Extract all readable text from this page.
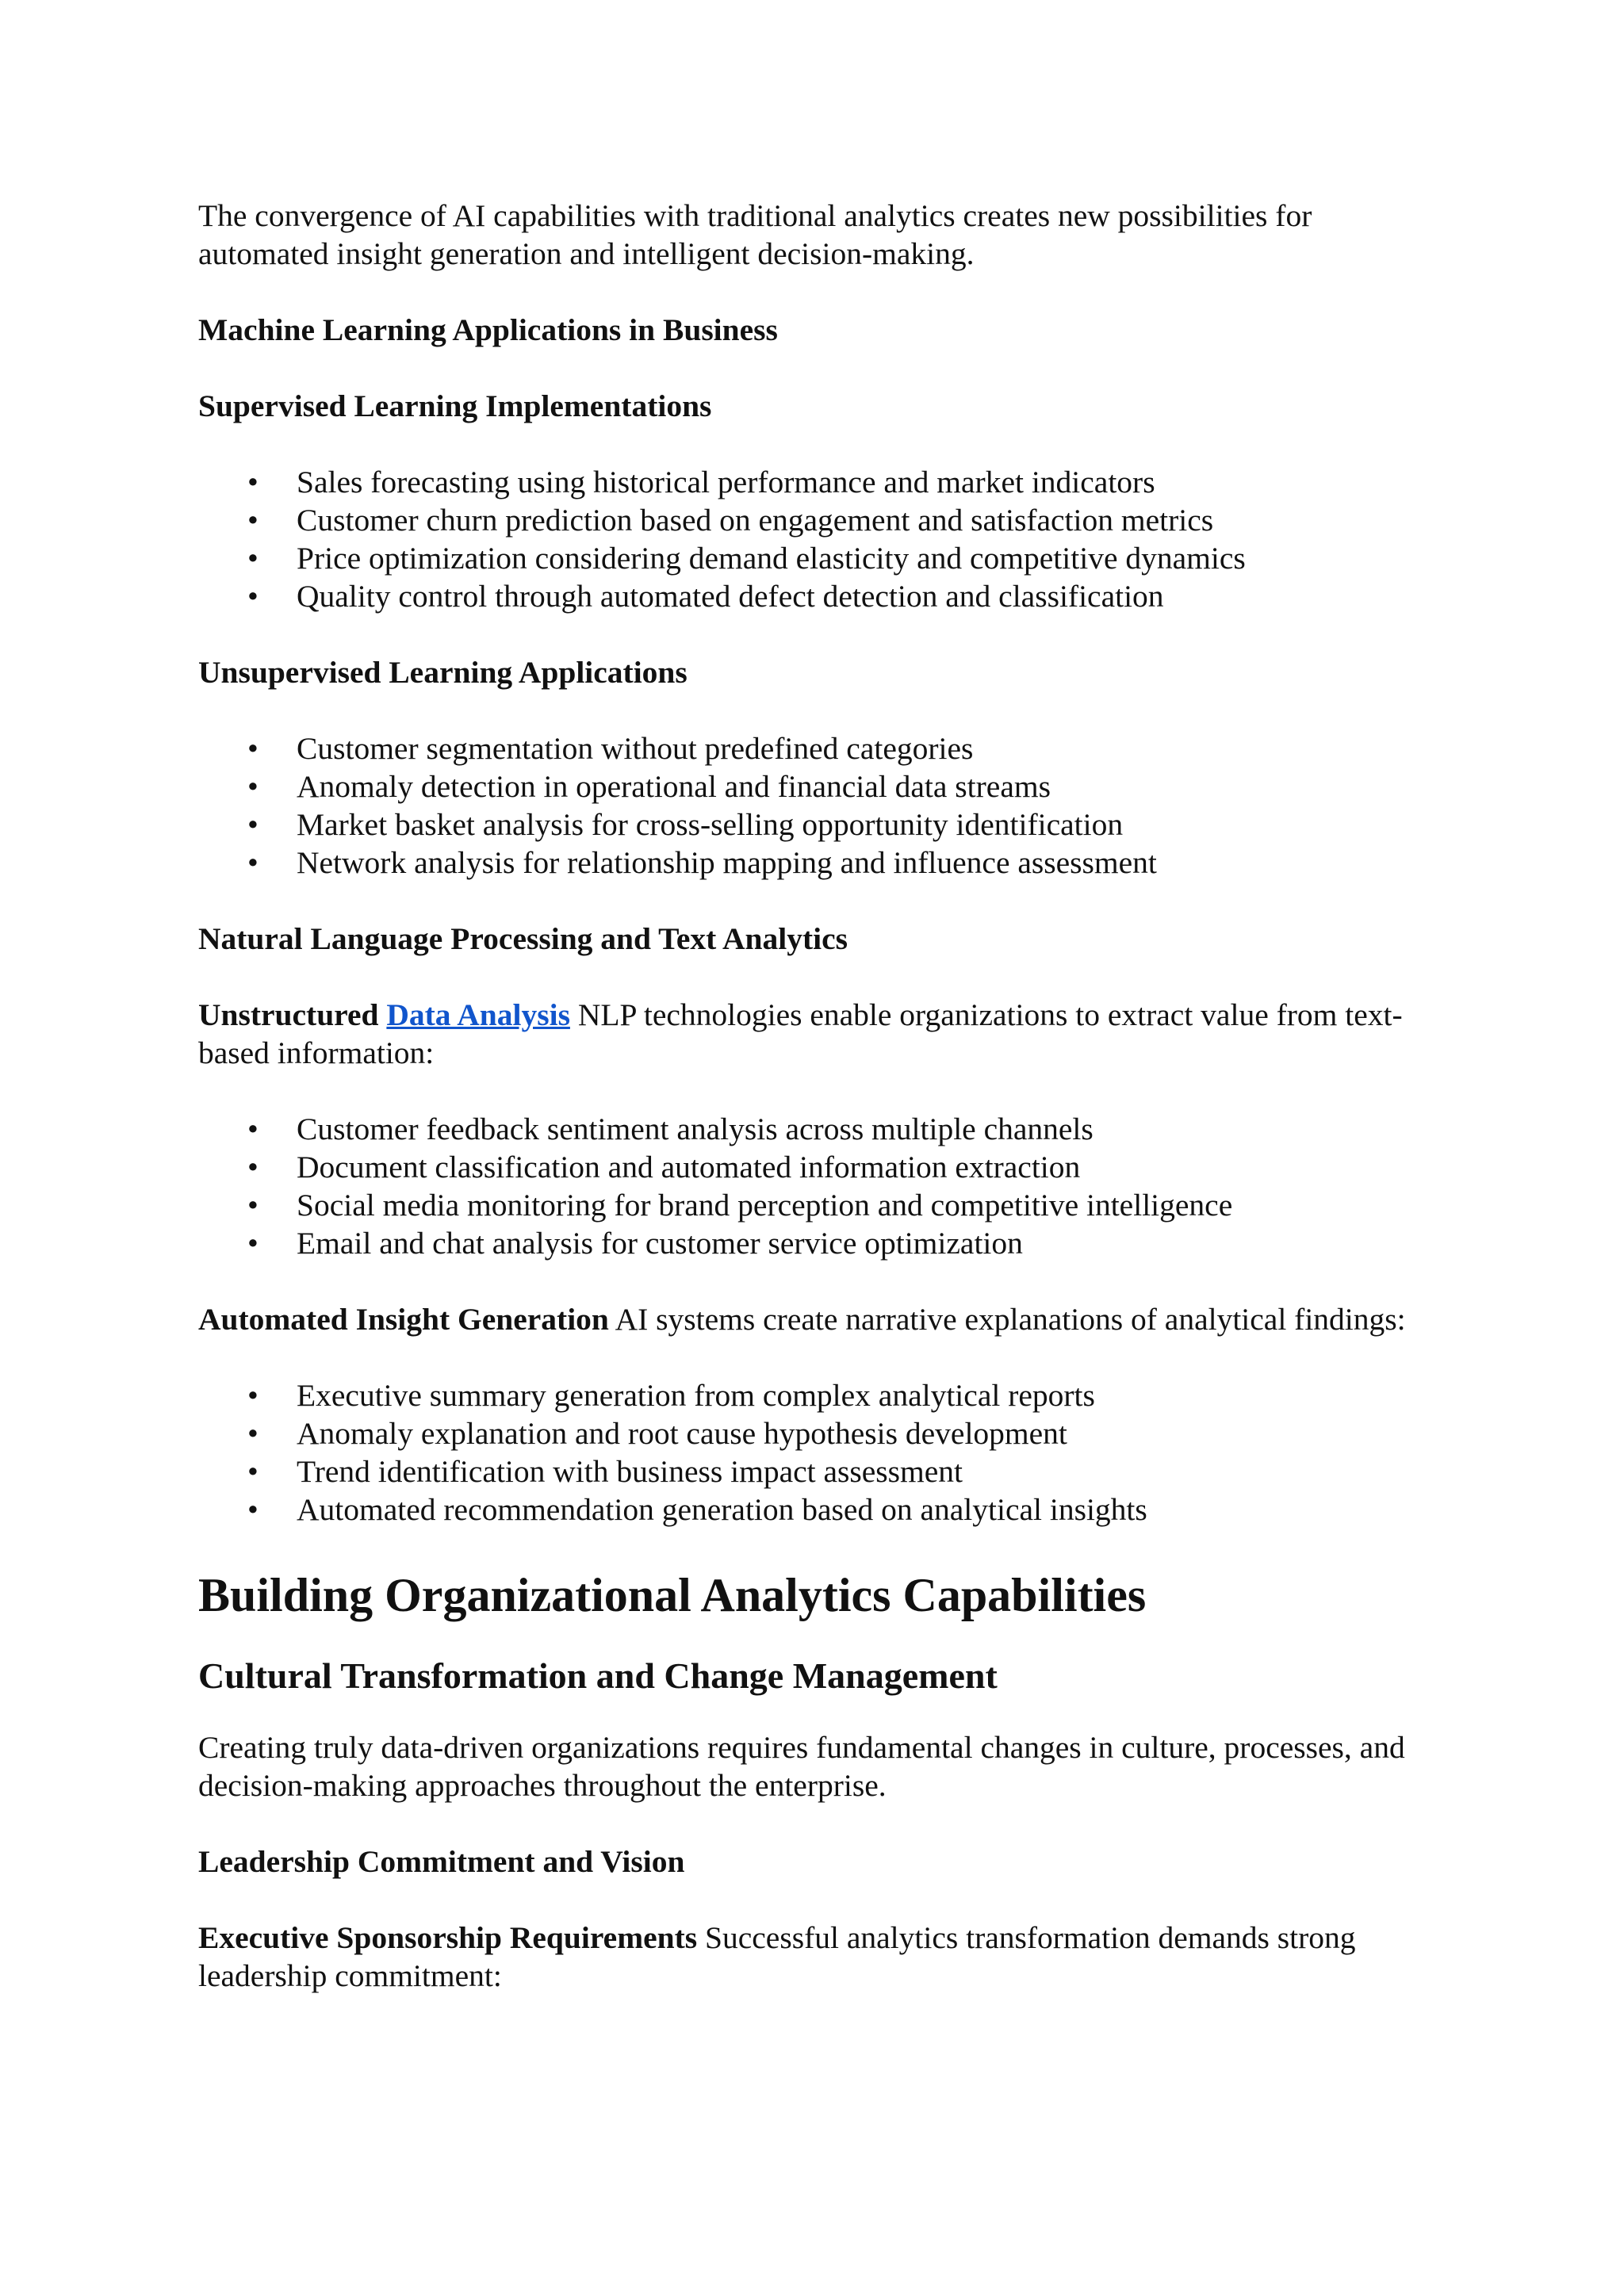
The convergence of AI capabilities with traditional analytics creates new possibilities for automated insight generation and intelligent decision-making.

Machine Learning Applications in Business
Supervised Learning Implementations
• Sales forecasting using historical performance and market indicators
• Customer churn prediction based on engagement and satisfaction metrics
• Price optimization considering demand elasticity and competitive dynamics
• Quality control through automated defect detection and classification
Unsupervised Learning Applications
• Customer segmentation without predefined categories
• Anomaly detection in operational and financial data streams
• Market basket analysis for cross-selling opportunity identification
• Network analysis for relationship mapping and influence assessment
Natural Language Processing and Text Analytics

Unstructured Data Analysis NLP technologies enable organizations to extract value from text-based information:

• Customer feedback sentiment analysis across multiple channels
• Document classification and automated information extraction
• Social media monitoring for brand perception and competitive intelligence
• Email and chat analysis for customer service optimization

Automated Insight Generation AI systems create narrative explanations of analytical findings:

• Executive summary generation from complex analytical reports
• Anomaly explanation and root cause hypothesis development
• Trend identification with business impact assessment
• Automated recommendation generation based on analytical insights
Building Organizational Analytics Capabilities
Cultural Transformation and Change Management

Creating truly data-driven organizations requires fundamental changes in culture, processes, and decision-making approaches throughout the enterprise.

Leadership Commitment and Vision

Executive Sponsorship Requirements Successful analytics transformation demands strong leadership commitment:
